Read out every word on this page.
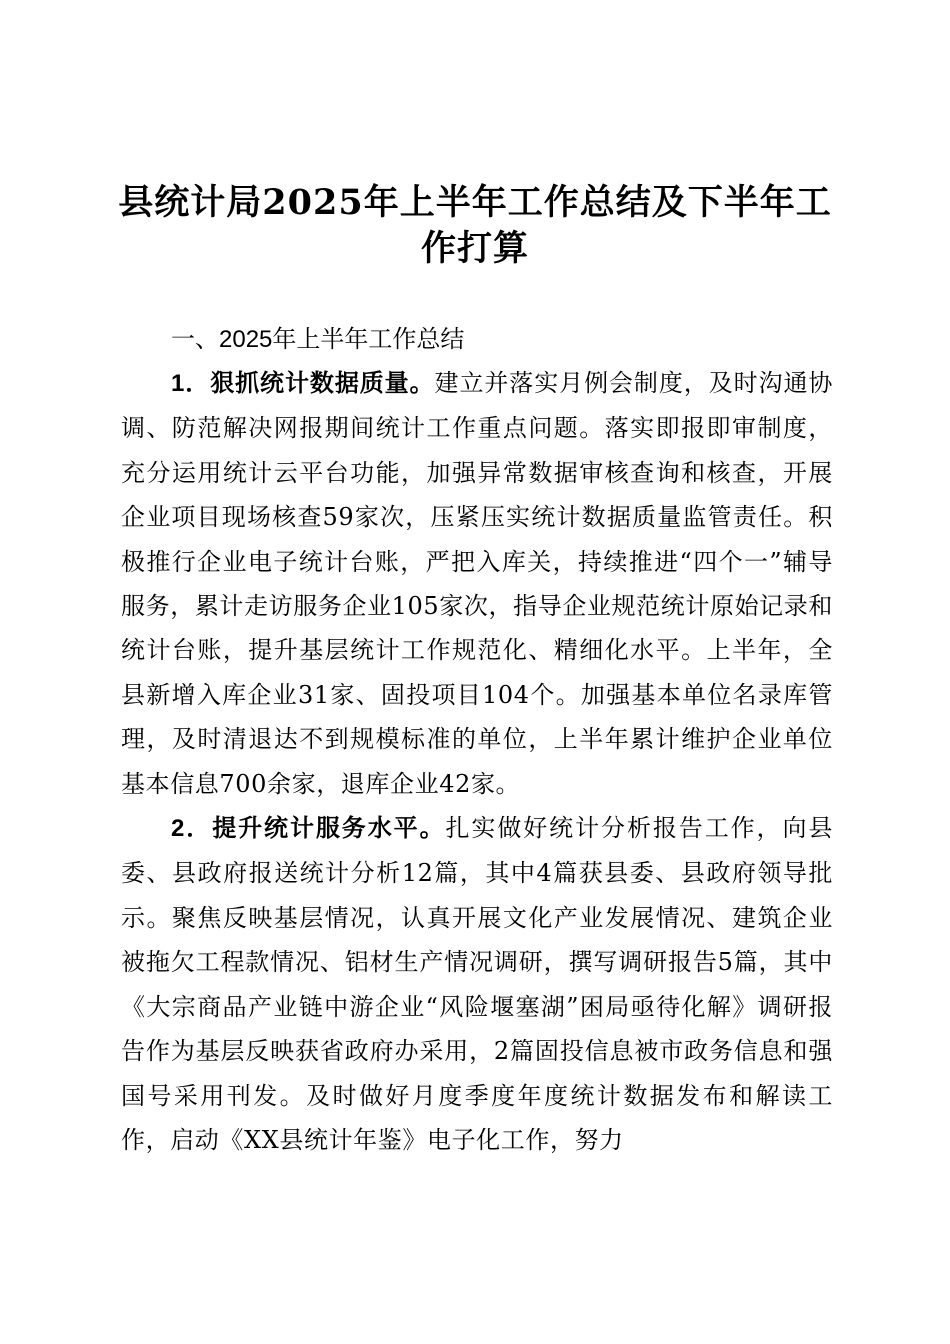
县统计局2025年上半年工作总结及下半年工作打算

一、2025年上半年工作总结

1．狠抓统计数据质量。建立并落实月例会制度，及时沟通协调、防范解决网报期间统计工作重点问题。落实即报即审制度，充分运用统计云平台功能，加强异常数据审核查询和核查，开展企业项目现场核查59家次，压紧压实统计数据质量监管责任。积极推行企业电子统计台账，严把入库关，持续推进“四个一”辅导服务，累计走访服务企业105家次，指导企业规范统计原始记录和统计台账，提升基层统计工作规范化、精细化水平。上半年，全县新增入库企业31家、固投项目104个。加强基本单位名录库管理，及时清退达不到规模标准的单位，上半年累计维护企业单位基本信息700余家，退库企业42家。

2．提升统计服务水平。扎实做好统计分析报告工作，向县委、县政府报送统计分析12篇，其中4篇获县委、县政府领导批示。聚焦反映基层情况，认真开展文化产业发展情况、建筑企业被拖欠工程款情况、铝材生产情况调研，撰写调研报告5篇，其中《大宗商品产业链中游企业“风险堰塞湖”困局亟待化解》调研报告作为基层反映获省政府办采用，2篇固投信息被市政务信息和强国号采用刊发。及时做好月度季度年度统计数据发布和解读工作，启动《XX县统计年鉴》电子化工作，努力
